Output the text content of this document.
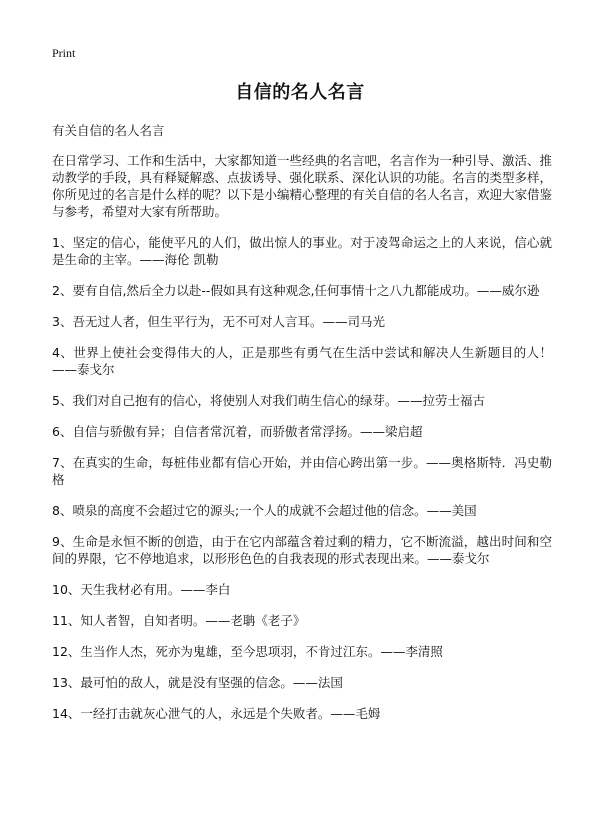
Print
自信的名人名言
有关自信的名人名言

在日常学习、工作和生活中，大家都知道一些经典的名言吧，名言作为一种引导、激活、推动教学的手段，具有释疑解惑、点拔诱导、强化联系、深化认识的功能。名言的类型多样，你所见过的名言是什么样的呢？以下是小编精心整理的有关自信的名人名言，欢迎大家借鉴与参考，希望对大家有所帮助。

1、坚定的信心，能使平凡的人们，做出惊人的事业。对于凌驾命运之上的人来说，信心就是生命的主宰。——海伦 凯勒
2、要有自信,然后全力以赴--假如具有这种观念,任何事情十之八九都能成功。——威尔逊
3、吾无过人者，但生平行为，无不可对人言耳。——司马光
4、世界上使社会变得伟大的人，正是那些有勇气在生活中尝试和解决人生新题目的人！——泰戈尔
5、我们对自己抱有的信心，将使别人对我们萌生信心的绿芽。——拉劳士福古
6、自信与骄傲有异；自信者常沉着，而骄傲者常浮扬。——梁启超
7、在真实的生命，每桩伟业都有信心开始，并由信心跨出第一步。——奥格斯特．冯史勒格
8、喷泉的高度不会超过它的源头;一个人的成就不会超过他的信念。——美国
9、生命是永恒不断的创造，由于在它内部蕴含着过剩的精力，它不断流溢，越出时间和空间的界限，它不停地追求，以形形色色的自我表现的形式表现出来。——泰戈尔
10、天生我材必有用。——李白
11、知人者智，自知者明。——老聃《老子》
12、生当作人杰，死亦为鬼雄，至今思项羽，不肯过江东。——李清照
13、最可怕的敌人，就是没有坚强的信念。——法国
14、一经打击就灰心泄气的人，永远是个失败者。——毛姆
